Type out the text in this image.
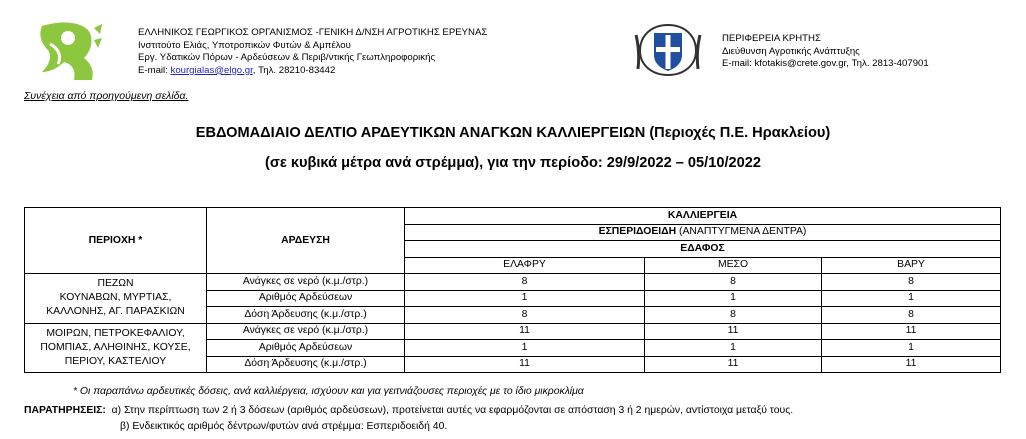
ΕΛΛΗΝΙΚΟΣ ΓΕΩΡΓΙΚΟΣ ΟΡΓΑΝΙΣΜΟΣ -ΓΕΝΙΚΗ Δ/ΝΣΗ ΑΓΡΟΤΙΚΗΣ ΕΡΕΥΝΑΣ
Ινστιτούτο Ελιάς, Υποτροπικών Φυτών & Αμπέλου
Εργ. Υδατικών Πόρων - Αρδεύσεων & Περιβ/ντικής Γεωπληροφορικής
E-mail: kourgialas@elgo.gr, Τηλ. 28210-83442
ΠΕΡΙΦΕΡΕΙΑ ΚΡΗΤΗΣ
Διεύθυνση Αγροτικής Ανάπτυξης
E-mail: kfotakis@crete.gov.gr, Τηλ. 2813-407901
Συνέχεια από προηγούμενη σελίδα.
ΕΒΔΟΜΑΔΙΑΙΟ ΔΕΛΤΙΟ ΑΡΔΕΥΤΙΚΩΝ ΑΝΑΓΚΩΝ ΚΑΛΛΙΕΡΓΕΙΩΝ (Περιοχές Π.Ε. Ηρακλείου)
(σε κυβικά μέτρα ανά στρέμμα), για την περίοδο: 29/9/2022 – 05/10/2022
ΠΕΡΙΟΧΗ *	ΑΡΔΕΥΣΗ	ΚΑΛΛΙΕΡΓΕΙΑ		
		ΕΣΠΕΡΙΔΟΕΙΔΗ (ΑΝΑΠΤΥΓΜΕΝΑ ΔΕΝΤΡΑ)		
		ΕΔΑΦΟΣ		
		ΕΛΑΦΡΥ	ΜΕΣΟ	ΒΑΡΥ

ΠΕΖΩΝ
ΚΟΥΝΑΒΩΝ, ΜΥΡΤΙΑΣ,
ΚΑΛΛΟΝΗΣ, ΑΓ. ΠΑΡΑΣΚΙΩΝ	Ανάγκες σε νερό (κ.μ./στρ.)	8	8	8
	Αριθμός Αρδεύσεων	1	1	1
	Δόση Άρδευσης (κ.μ./στρ.)	8	8	8

ΜΟΙΡΩΝ, ΠΕΤΡΟΚΕΦΑΛΙΟΥ,
ΠΟΜΠΙΑΣ, ΑΛΗΘΙΝΗΣ, ΚΟΥΣΕ,
ΠΕΡΙΟΥ, ΚΑΣΤΕΛΙΟΥ	Ανάγκες σε νερό (κ.μ./στρ.)	11	11	11
	Αριθμός Αρδεύσεων	1	1	1
	Δόση Άρδευσης (κ.μ./στρ.)	11	11	11
* Οι παραπάνω αρδευτικές δόσεις, ανά καλλιέργεια, ισχύουν και για γειτνιάζουσες περιοχές με το ίδιο μικροκλίμα
ΠΑΡΑΤΗΡΗΣΕΙΣ: α) Στην περίπτωση των 2 ή 3 δόσεων (αριθμός αρδεύσεων), προτείνεται αυτές να εφαρμόζονται σε απόσταση 3 ή 2 ημερών, αντίστοιχα μεταξύ τους.
β) Ενδεικτικός αριθμός δέντρων/φυτών ανά στρέμμα: Εσπεριδοειδή 40.
